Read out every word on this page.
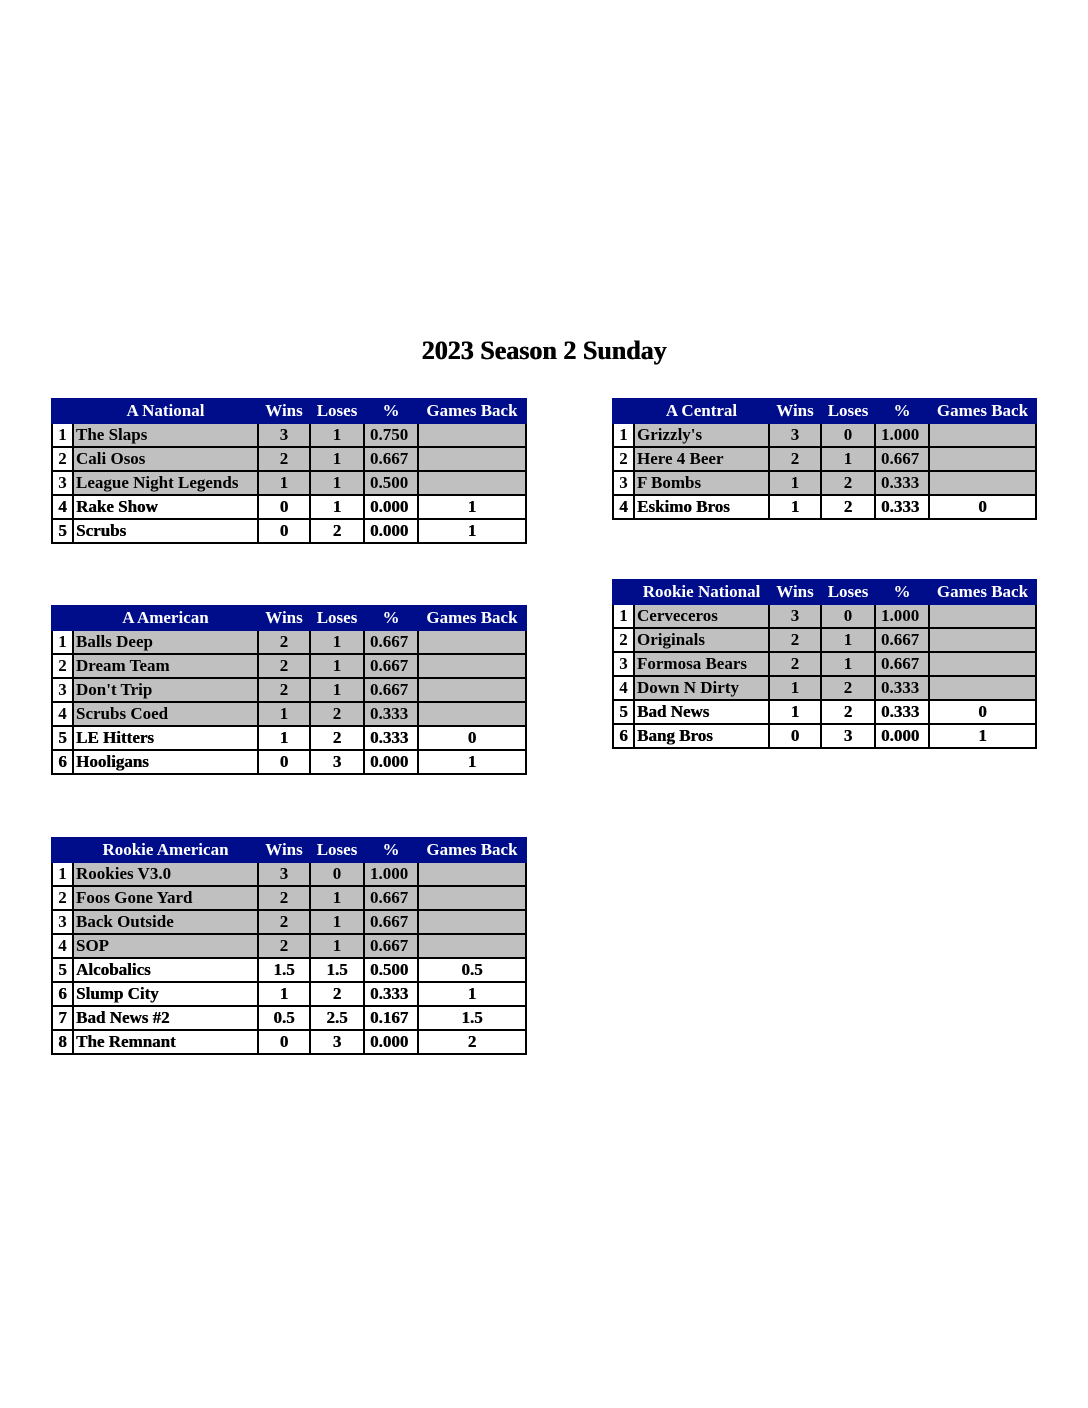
2023 Season 2 Sunday
	A National	Wins	Loses	%	Games Back
1	The Slaps	3	1	0.750	
2	Cali Osos	2	1	0.667	
3	League Night Legends	1	1	0.500	
4	Rake Show	0	1	0.000	1
5	Scrubs	0	2	0.000	1
	A Central	Wins	Loses	%	Games Back
1	Grizzly's	3	0	1.000	
2	Here 4 Beer	2	1	0.667	
3	F Bombs	1	2	0.333	
4	Eskimo Bros	1	2	0.333	0
	A American	Wins	Loses	%	Games Back
1	Balls Deep	2	1	0.667	
2	Dream Team	2	1	0.667	
3	Don't Trip	2	1	0.667	
4	Scrubs Coed	1	2	0.333	
5	LE Hitters	1	2	0.333	0
6	Hooligans	0	3	0.000	1
	Rookie National	Wins	Loses	%	Games Back
1	Cerveceros	3	0	1.000	
2	Originals	2	1	0.667	
3	Formosa Bears	2	1	0.667	
4	Down N Dirty	1	2	0.333	
5	Bad News	1	2	0.333	0
6	Bang Bros	0	3	0.000	1
	Rookie American	Wins	Loses	%	Games Back
1	Rookies V3.0	3	0	1.000	
2	Foos Gone Yard	2	1	0.667	
3	Back Outside	2	1	0.667	
4	SOP	2	1	0.667	
5	Alcobalics	1.5	1.5	0.500	0.5
6	Slump City	1	2	0.333	1
7	Bad News #2	0.5	2.5	0.167	1.5
8	The Remnant	0	3	0.000	2
